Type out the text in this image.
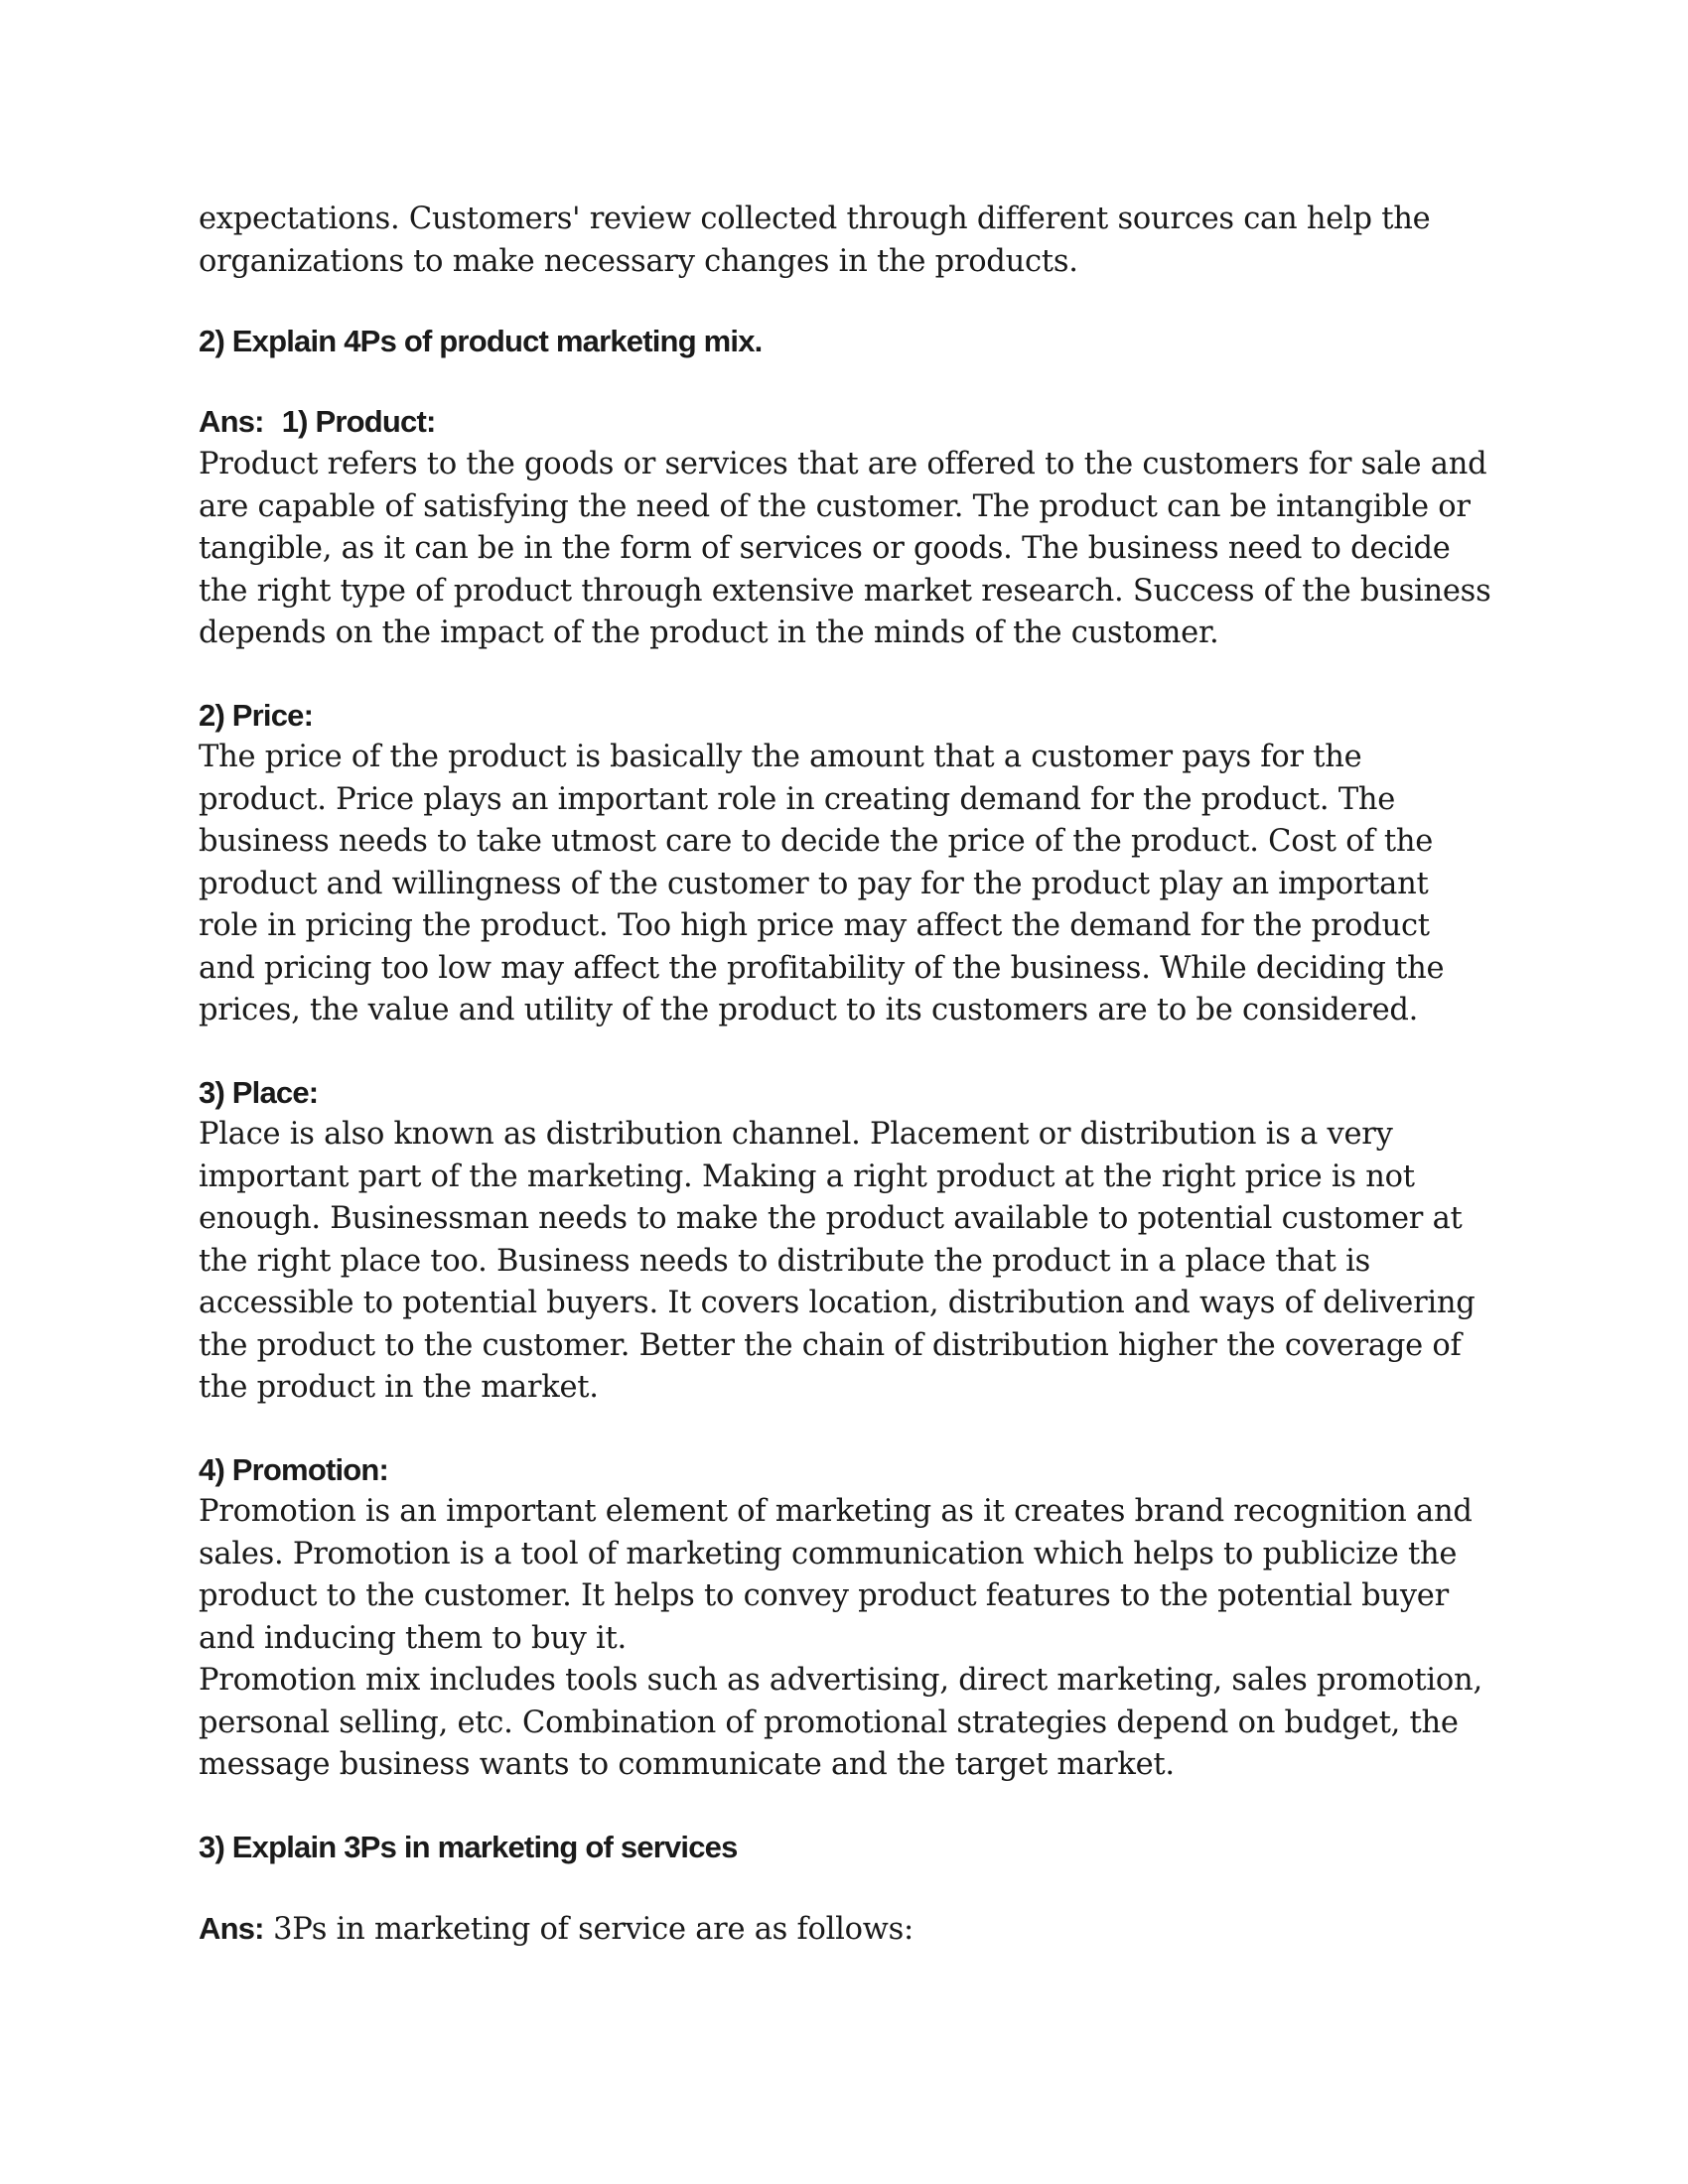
expectations. Customers' review collected through different sources can help the

organizations to make necessary changes in the products.

2) Explain 4Ps of product marketing mix.

Ans: 1) Product:

Product refers to the goods or services that are offered to the customers for sale and

are capable of satisfying the need of the customer. The product can be intangible or

tangible, as it can be in the form of services or goods. The business need to decide

the right type of product through extensive market research. Success of the business

depends on the impact of the product in the minds of the customer.

2) Price:

The price of the product is basically the amount that a customer pays for the

product. Price plays an important role in creating demand for the product. The

business needs to take utmost care to decide the price of the product. Cost of the

product and willingness of the customer to pay for the product play an important

role in pricing the product. Too high price may affect the demand for the product

and pricing too low may affect the profitability of the business. While deciding the

prices, the value and utility of the product to its customers are to be considered.

3) Place:

Place is also known as distribution channel. Placement or distribution is a very

important part of the marketing. Making a right product at the right price is not

enough. Businessman needs to make the product available to potential customer at

the right place too. Business needs to distribute the product in a place that is

accessible to potential buyers. It covers location, distribution and ways of delivering

the product to the customer. Better the chain of distribution higher the coverage of

the product in the market.

4) Promotion:

Promotion is an important element of marketing as it creates brand recognition and

sales. Promotion is a tool of marketing communication which helps to publicize the

product to the customer. It helps to convey product features to the potential buyer

and inducing them to buy it.

Promotion mix includes tools such as advertising, direct marketing, sales promotion,

personal selling, etc. Combination of promotional strategies depend on budget, the

message business wants to communicate and the target market.

3) Explain 3Ps in marketing of services

Ans: 3Ps in marketing of service are as follows:
